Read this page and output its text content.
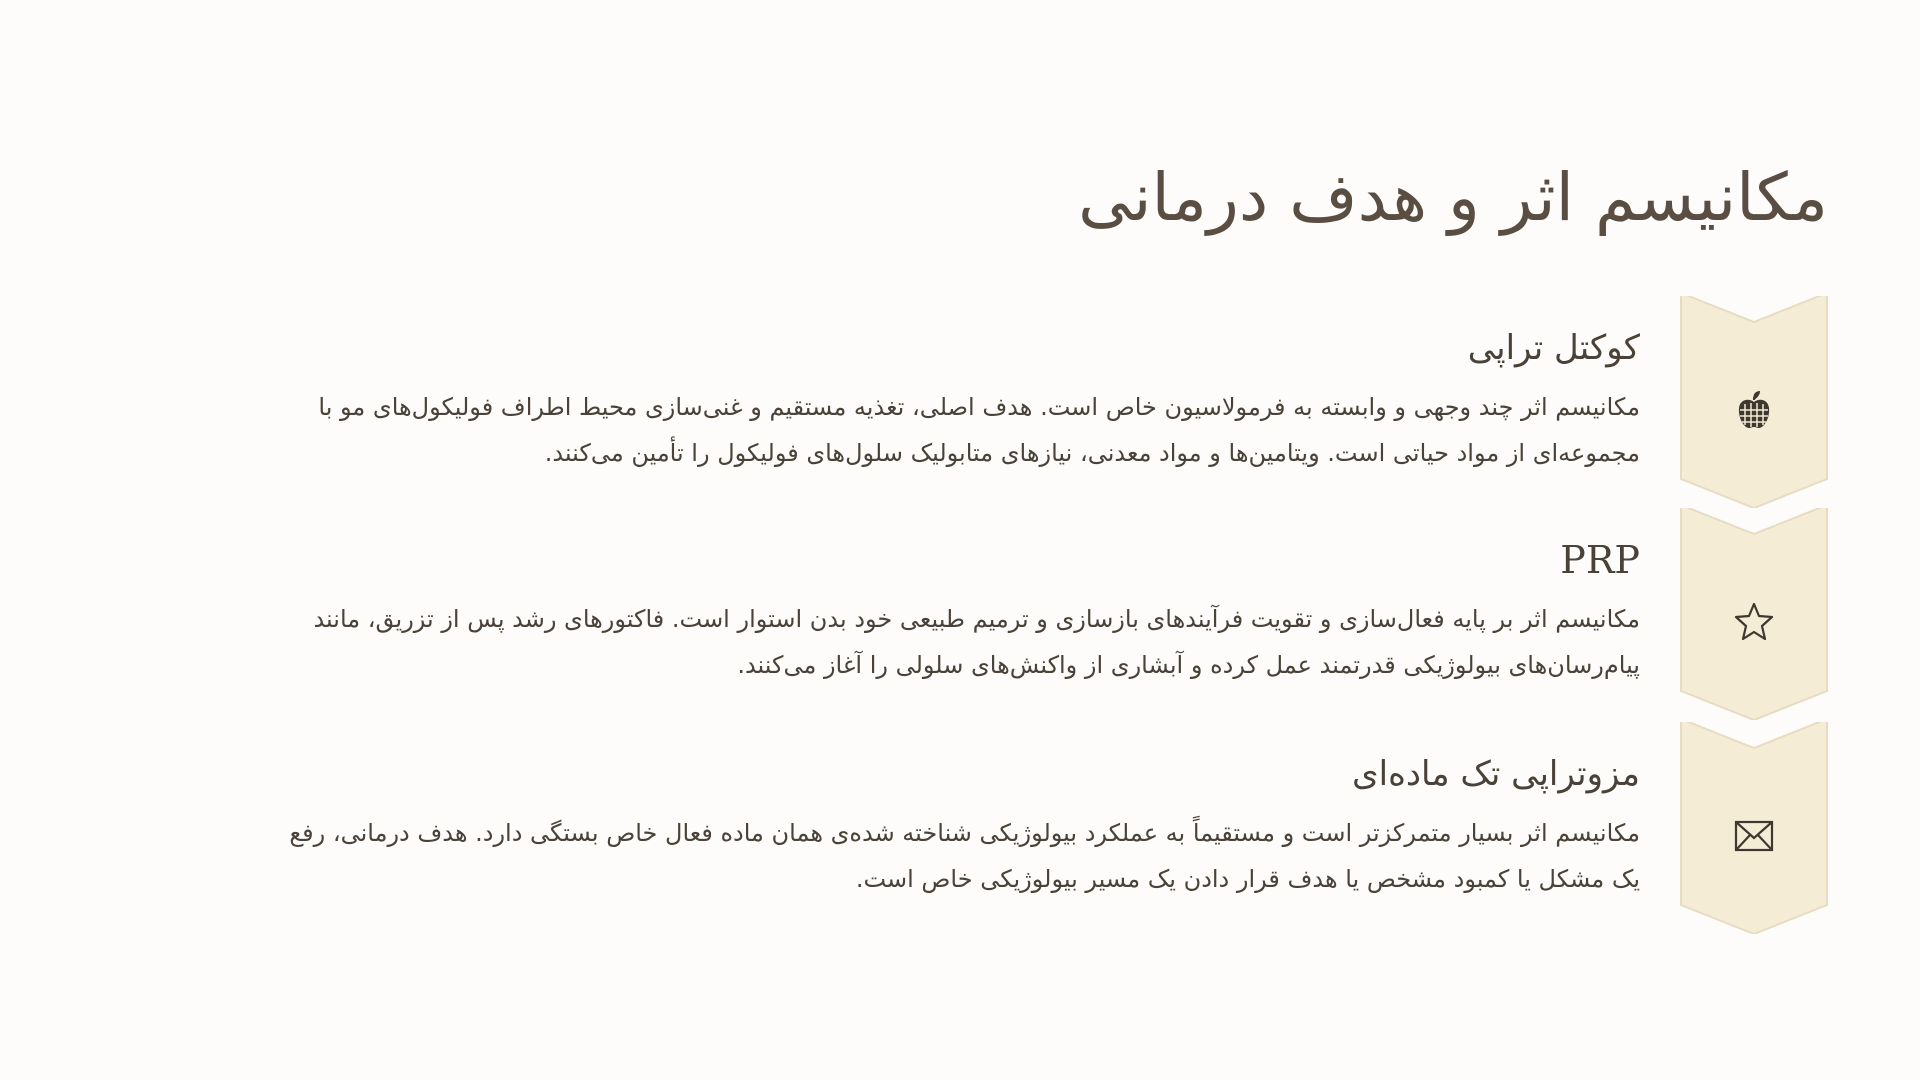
مکانیسم اثر و هدف درمانی
کوکتل تراپی

مکانیسم اثر چند وجهی و وابسته به فرمولاسیون خاص است. هدف اصلی، تغذیه مستقیم و غنی‌سازی محیط اطراف فولیکول‌های مو با
مجموعه‌ای از مواد حیاتی است. ویتامین‌ها و مواد معدنی، نیازهای متابولیک سلول‌های فولیکول را تأمین می‌کنند.

PRP

مکانیسم اثر بر پایه فعال‌سازی و تقویت فرآیندهای بازسازی و ترمیم طبیعی خود بدن استوار است. فاکتورهای رشد پس از تزریق، مانند
پیام‌رسان‌های بیولوژیکی قدرتمند عمل کرده و آبشاری از واکنش‌های سلولی را آغاز می‌کنند.

مزوتراپی تک ماده‌ای

مکانیسم اثر بسیار متمرکزتر است و مستقیماً به عملکرد بیولوژیکی شناخته شده‌ی همان ماده فعال خاص بستگی دارد. هدف درمانی، رفع
یک مشکل یا کمبود مشخص یا هدف قرار دادن یک مسیر بیولوژیکی خاص است.
